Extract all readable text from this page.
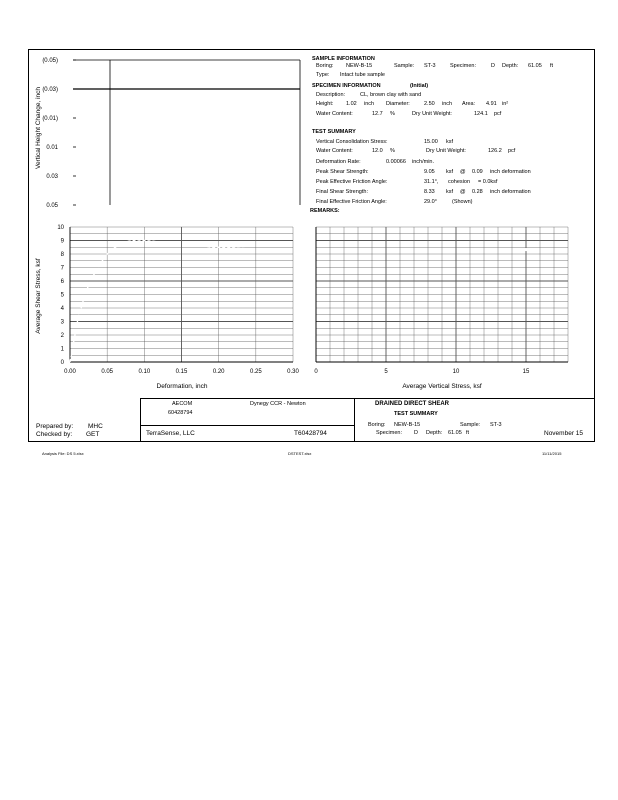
Vertical Height Change, inch
Average Shear Stress, ksf
Deformation, inch	Average Vertical Stress, ksf
(0.05)
(0.03)
(0.01)
0.01
0.03
0.05
0.00	0.05	0.10	0.15	0.20	0.25	0.30
0
1
2
3
4
5
6
7
8
9
10
0	5	10	15
SAMPLE INFORMATION
Boring: NEW-B-15	Sample: ST-3	Specimen:	D Depth: 61.05 ft
Type: Intact tube sample
SPECIMEN INFORMATION	(Initial)
Description:	CL, brown clay with sand
Height: 1.02 inch Diameter:	2.50 inch Area: 4.91 in²
Water Content:	12.7 %	Dry Unit Weight:	124.1 pcf
TEST SUMMARY
Vertical Consolidation Stress:	15.00 ksf
Water Content:	12.0 %	Dry Unit Weight:	126.2 pcf
Deformation Rate:	0.00066 inch/min.
Peak Shear Strength:	9.05 ksf @ 0.09 inch deformation
Peak Effective Friction Angle:	31.1°, cohesion = 0.0ksf
Final Shear Strength:	8.33 ksf @ 0.28 inch deformation
Final Effective Friction Angle:	29.0°	(Shown)
REMARKS:
AECOM
60428794
Dynegy CCR - Newton	DRAINED DIRECT SHEAR
TEST SUMMARY
Boring: NEW-B-15	Sample: ST-3
Specimen: D Depth: 61.05 ft
Prepared by: MHC
Checked by: GET	TerraSense, LLC	T60428794	November 15
Analysis File: DS 5.xlsx	DSTEST.xlsx	11/11/2015
